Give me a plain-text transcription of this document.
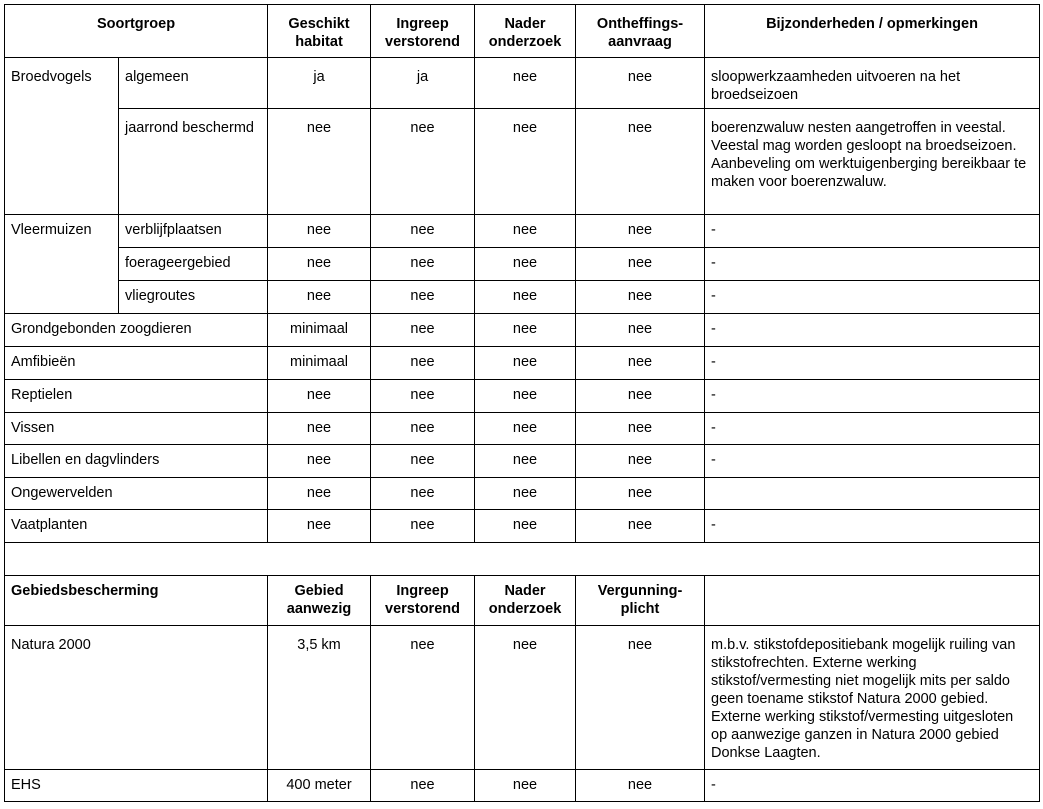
Soortgroep		Geschikt habitat	Ingreep verstorend	Nader onderzoek	Ontheffings-aanvraag	Bijzonderheden / opmerkingen
Broedvogels	algemeen	ja	ja	nee	nee	sloopwerkzaamheden uitvoeren na het broedseizoen
	jaarrond beschermd	nee	nee	nee	nee	boerenzwaluw nesten aangetroffen in veestal. Veestal mag worden gesloopt na broedseizoen. Aanbeveling om werktuigenberging bereikbaar te maken voor boerenzwaluw.
Vleermuizen	verblijfplaatsen	nee	nee	nee	nee	-
	foerageergebied	nee	nee	nee	nee	-
	vliegroutes	nee	nee	nee	nee	-
Grondgebonden zoogdieren		minimaal	nee	nee	nee	-
Amfibieën		minimaal	nee	nee	nee	-
Reptielen		nee	nee	nee	nee	-
Vissen		nee	nee	nee	nee	-
Libellen en dagvlinders		nee	nee	nee	nee	-
Ongewervelden		nee	nee	nee	nee	
Vaatplanten		nee	nee	nee	nee	-

Gebiedsbescherming		Gebied aanwezig	Ingreep verstorend	Nader onderzoek	Vergunning-plicht	
Natura 2000		3,5 km	nee	nee	nee	m.b.v. stikstofdepositiebank mogelijk ruiling van stikstofrechten. Externe werking stikstof/vermesting niet mogelijk mits per saldo geen toename stikstof Natura 2000 gebied. Externe werking stikstof/vermesting uitgesloten op aanwezige ganzen in Natura 2000 gebied Donkse Laagten.
EHS		400 meter	nee	nee	nee	-
